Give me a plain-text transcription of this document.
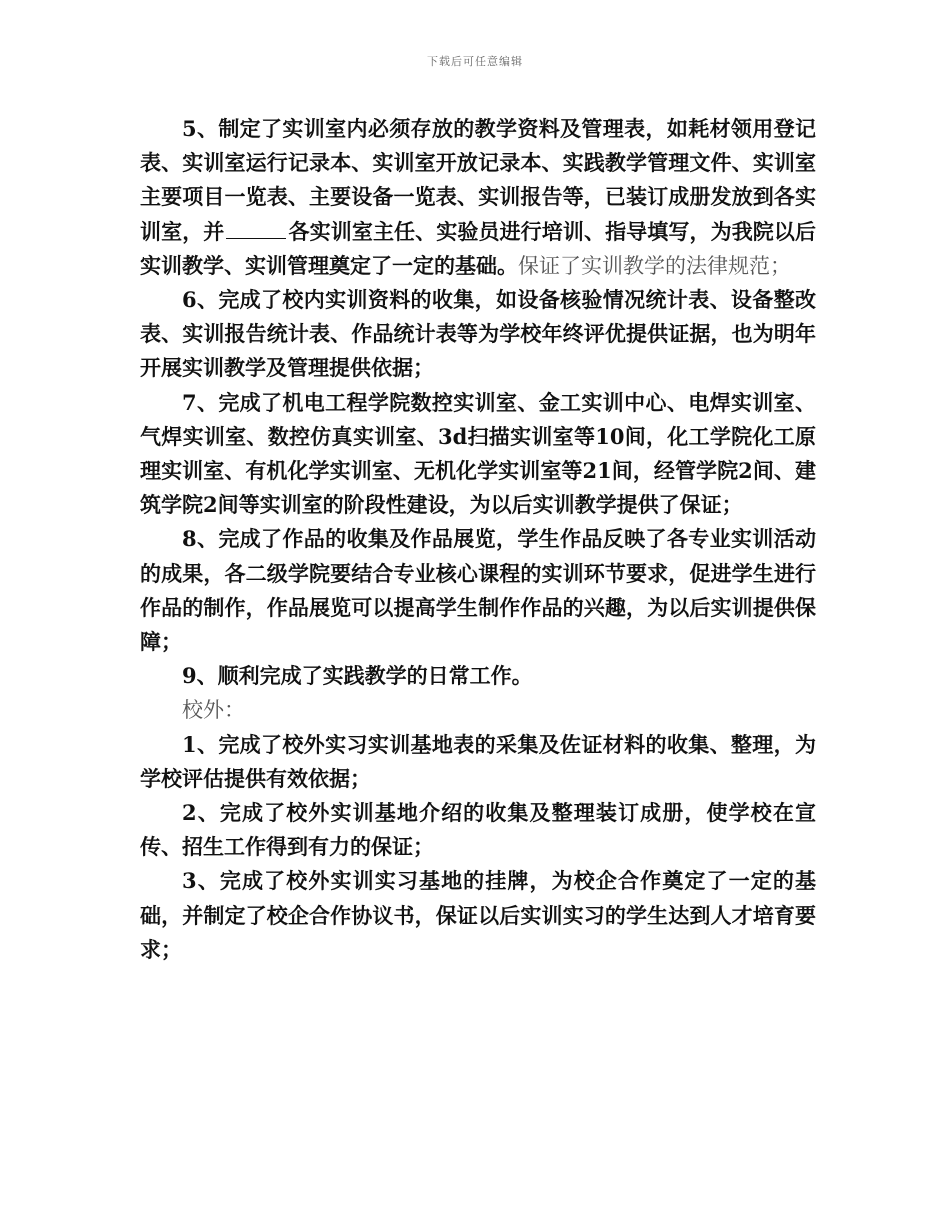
下载后可任意编辑

5、制定了实训室内必须存放的教学资料及管理表，如耗材领用登记表、实训室运行记录本、实训室开放记录本、实践教学管理文件、实训室主要项目一览表、主要设备一览表、实训报告等，已装订成册发放到各实训室，并	各实训室主任、实验员进行培训、指导填写，为我院以后实训教学、实训管理奠定了一定的基础。保证了实训教学的法律规范；

6、完成了校内实训资料的收集，如设备核验情况统计表、设备整改表、实训报告统计表、作品统计表等为学校年终评优提供证据，也为明年开展实训教学及管理提供依据；

7、完成了机电工程学院数控实训室、金工实训中心、电焊实训室、气焊实训室、数控仿真实训室、3d扫描实训室等10间，化工学院化工原理实训室、有机化学实训室、无机化学实训室等21间，经管学院2间、建筑学院2间等实训室的阶段性建设，为以后实训教学提供了保证；

8、完成了作品的收集及作品展览，学生作品反映了各专业实训活动的成果，各二级学院要结合专业核心课程的实训环节要求，促进学生进行作品的制作，作品展览可以提高学生制作作品的兴趣，为以后实训提供保障；

9、顺利完成了实践教学的日常工作。

校外：

1、完成了校外实习实训基地表的采集及佐证材料的收集、整理，为学校评估提供有效依据；

2、完成了校外实训基地介绍的收集及整理装订成册，使学校在宣传、招生工作得到有力的保证；

3、完成了校外实训实习基地的挂牌，为校企合作奠定了一定的基础，并制定了校企合作协议书，保证以后实训实习的学生达到人才培育要求；
